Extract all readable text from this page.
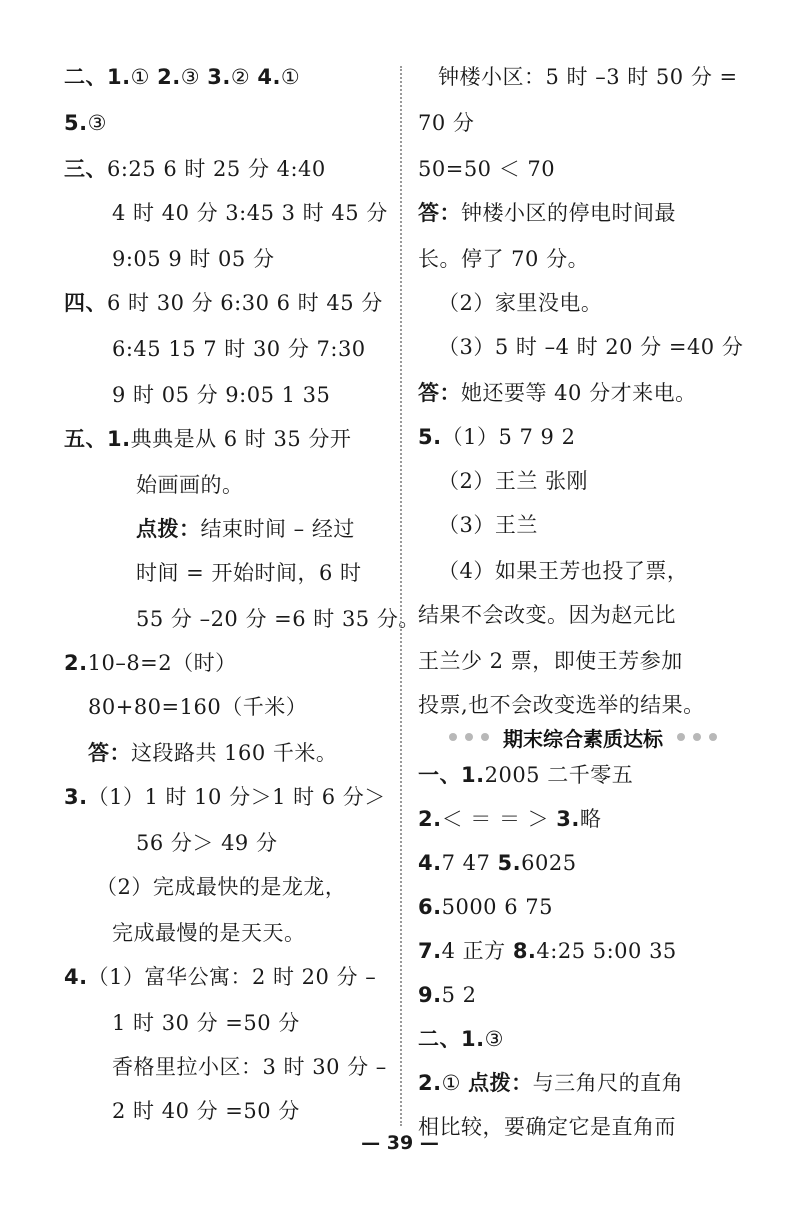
二、1.① 2.③ 3.② 4.①
5.③
三、6:25 6 时 25 分 4:40
4 时 40 分 3:45 3 时 45 分
9:05 9 时 05 分
四、6 时 30 分 6:30 6 时 45 分
6:45 15 7 时 30 分 7:30
9 时 05 分 9:05 1 35
五、1.典典是从 6 时 35 分开
始画画的。
点拨：结束时间 – 经过
时间 = 开始时间，6 时
55 分 –20 分 =6 时 35 分。
2.10–8=2（时）
80+80=160（千米）
答：这段路共 160 千米。
3.（1）1 时 10 分＞1 时 6 分＞
56 分＞ 49 分
（2）完成最快的是龙龙，
完成最慢的是天天。
4.（1）富华公寓：2 时 20 分 –
1 时 30 分 =50 分
香格里拉小区：3 时 30 分 –
2 时 40 分 =50 分
钟楼小区：5 时 –3 时 50 分 =
70 分
50=50 ＜ 70
答：钟楼小区的停电时间最
长。停了 70 分。
（2）家里没电。
（3）5 时 –4 时 20 分 =40 分
答：她还要等 40 分才来电。
5.（1）5 7 9 2
（2）王兰 张刚
（3）王兰
（4）如果王芳也投了票，
结果不会改变。因为赵元比
王兰少 2 票，即使王芳参加
投票,也不会改变选举的结果。
期末综合素质达标
一、1.2005 二千零五
2.＜ ＝ ＝ ＞ 3.略
4.7 47 5.6025
6.5000 6 75
7.4 正方 8.4:25 5:00 35
9.5 2
二、1.③
2.① 点拨：与三角尺的直角
相比较，要确定它是直角而
— 39 —
